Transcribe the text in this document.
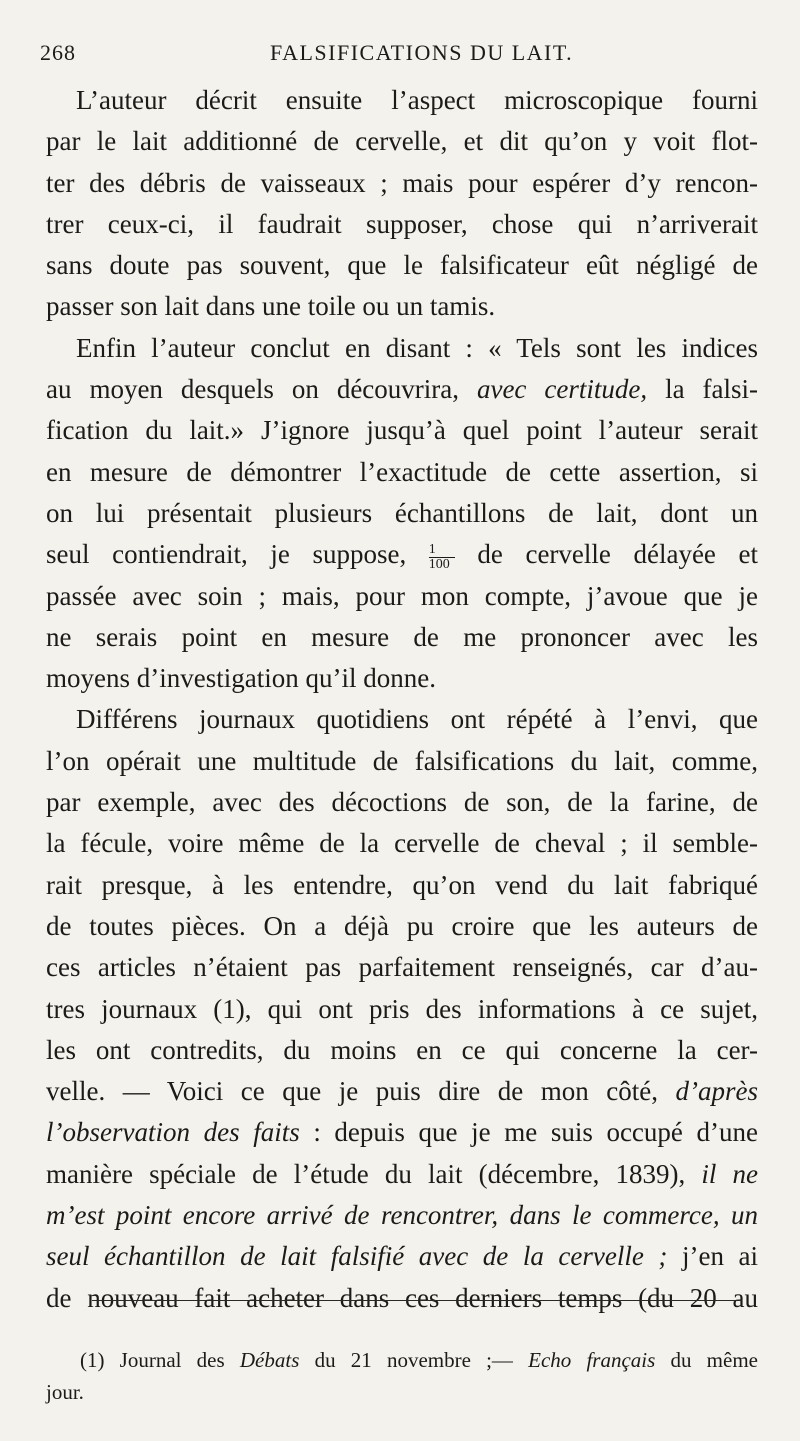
268	FALSIFICATIONS DU LAIT.
L’auteur décrit ensuite l’aspect microscopique fourni
par le lait additionné de cervelle, et dit qu’on y voit flot-
ter des débris de vaisseaux ; mais pour espérer d’y rencon-
trer ceux-ci, il faudrait supposer, chose qui n’arriverait
sans doute pas souvent, que le falsificateur eût négligé de
passer son lait dans une toile ou un tamis.
Enfin l’auteur conclut en disant : « Tels sont les indices
au moyen desquels on découvrira, avec certitude, la falsi-
fication du lait.» J’ignore jusqu’à quel point l’auteur serait
en mesure de démontrer l’exactitude de cette assertion, si
on lui présentait plusieurs échantillons de lait, dont un
seul contiendrait, je suppose, $\frac{1}{100}$ de cervelle délayée et
passée avec soin ; mais, pour mon compte, j’avoue que je
ne serais point en mesure de me prononcer avec les
moyens d’investigation qu’il donne.
Différens journaux quotidiens ont répété à l’envi, que
l’on opérait une multitude de falsifications du lait, comme,
par exemple, avec des décoctions de son, de la farine, de
la fécule, voire même de la cervelle de cheval ; il semble-
rait presque, à les entendre, qu’on vend du lait fabriqué
de toutes pièces. On a déjà pu croire que les auteurs de
ces articles n’étaient pas parfaitement renseignés, car d’au-
tres journaux (1), qui ont pris des informations à ce sujet,
les ont contredits, du moins en ce qui concerne la cer-
velle. — Voici ce que je puis dire de mon côté, d’après
l’observation des faits : depuis que je me suis occupé d’une
manière spéciale de l’étude du lait (décembre, 1839), il ne
m’est point encore arrivé de rencontrer, dans le commerce, un
seul échantillon de lait falsifié avec de la cervelle ; j’en ai
de nouveau fait acheter dans ces derniers temps (du 20 au
(1) Journal des Débats du 21 novembre ;— Echo français du même
jour.
